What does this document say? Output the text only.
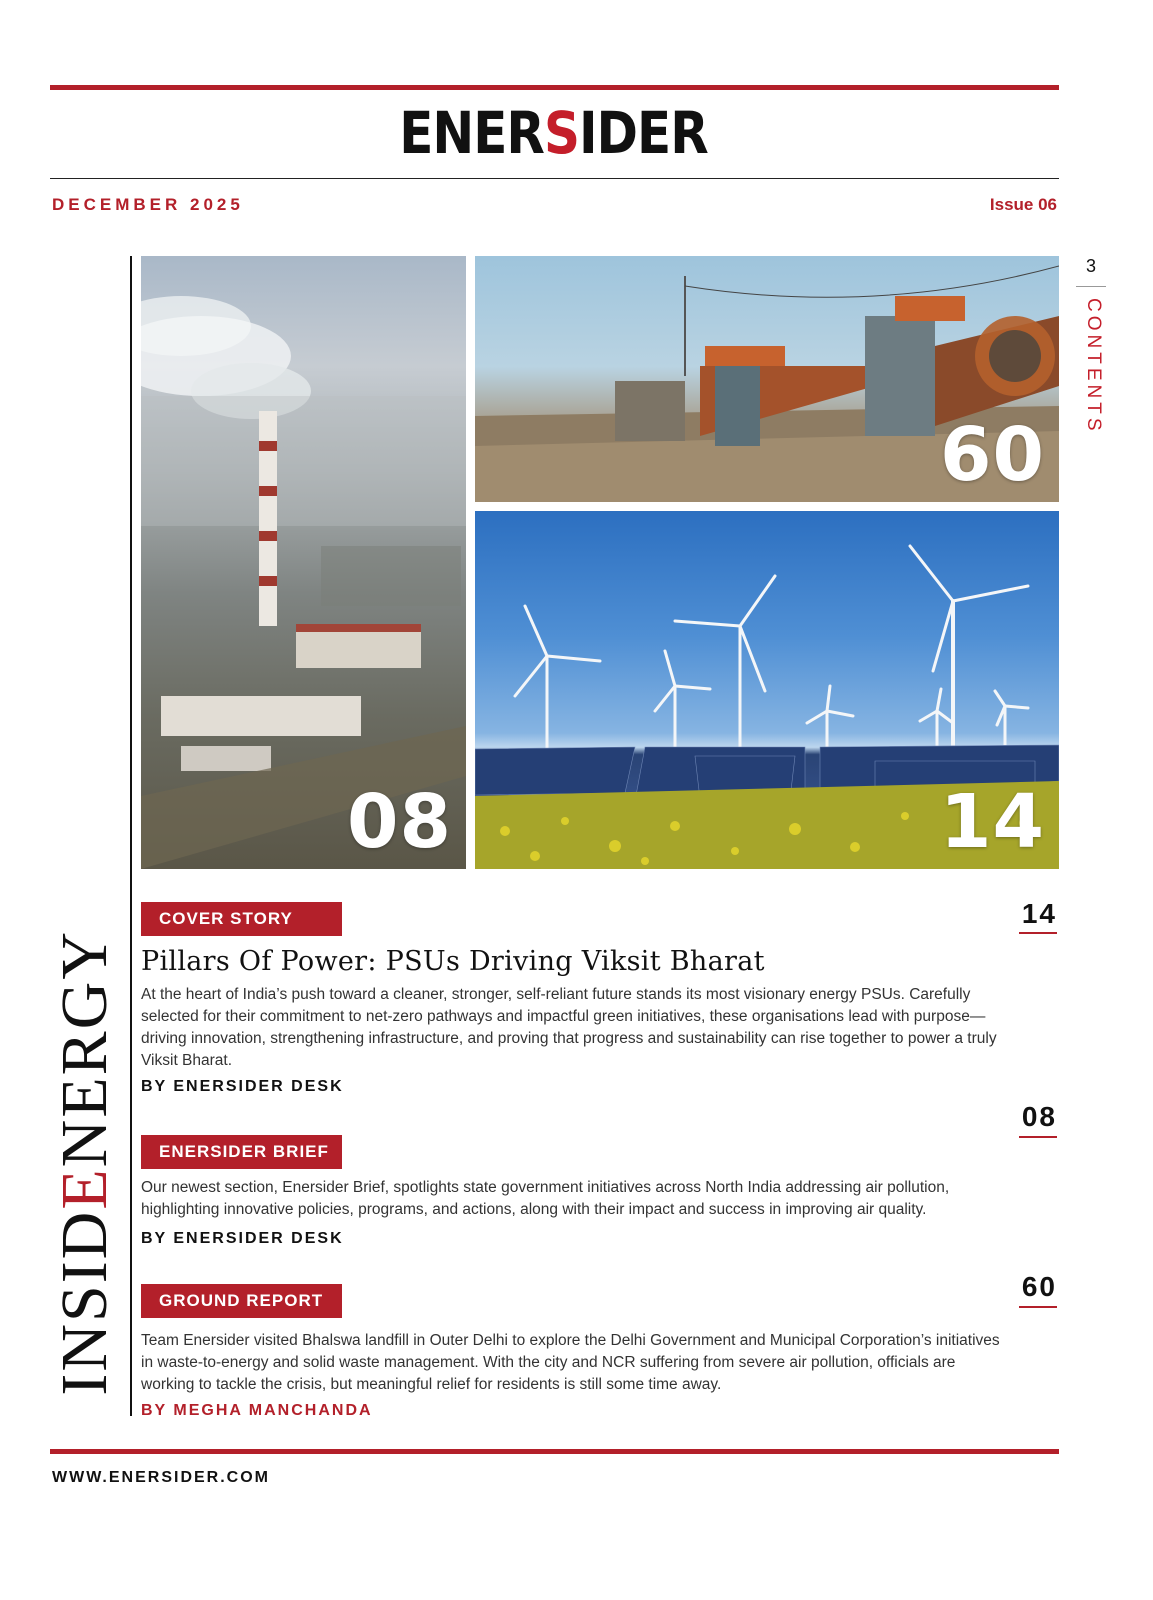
ENERSIDER
DECEMBER 2025	Issue 06
3
CONTENTS
INSIDENERGY
08
60
14
COVER STORY	14
Pillars Of Power: PSUs Driving Viksit Bharat
At the heart of India’s push toward a cleaner, stronger, self-reliant future stands its most visionary energy PSUs. Carefully selected for their commitment to net-zero pathways and impactful green initiatives, these organisations lead with purpose—driving innovation, strengthening infrastructure, and proving that progress and sustainability can rise together to power a truly Viksit Bharat.
BY ENERSIDER DESK
08
ENERSIDER BRIEF
Our newest section, Enersider Brief, spotlights state government initiatives across North India addressing air pollution, highlighting innovative policies, programs, and actions, along with their impact and success in improving air quality.
BY ENERSIDER DESK
60
GROUND REPORT
Team Enersider visited Bhalswa landfill in Outer Delhi to explore the Delhi Government and Municipal Corporation’s initiatives in waste-to-energy and solid waste management. With the city and NCR suffering from severe air pollution, officials are working to tackle the crisis, but meaningful relief for residents is still some time away.
BY MEGHA MANCHANDA
WWW.ENERSIDER.COM
